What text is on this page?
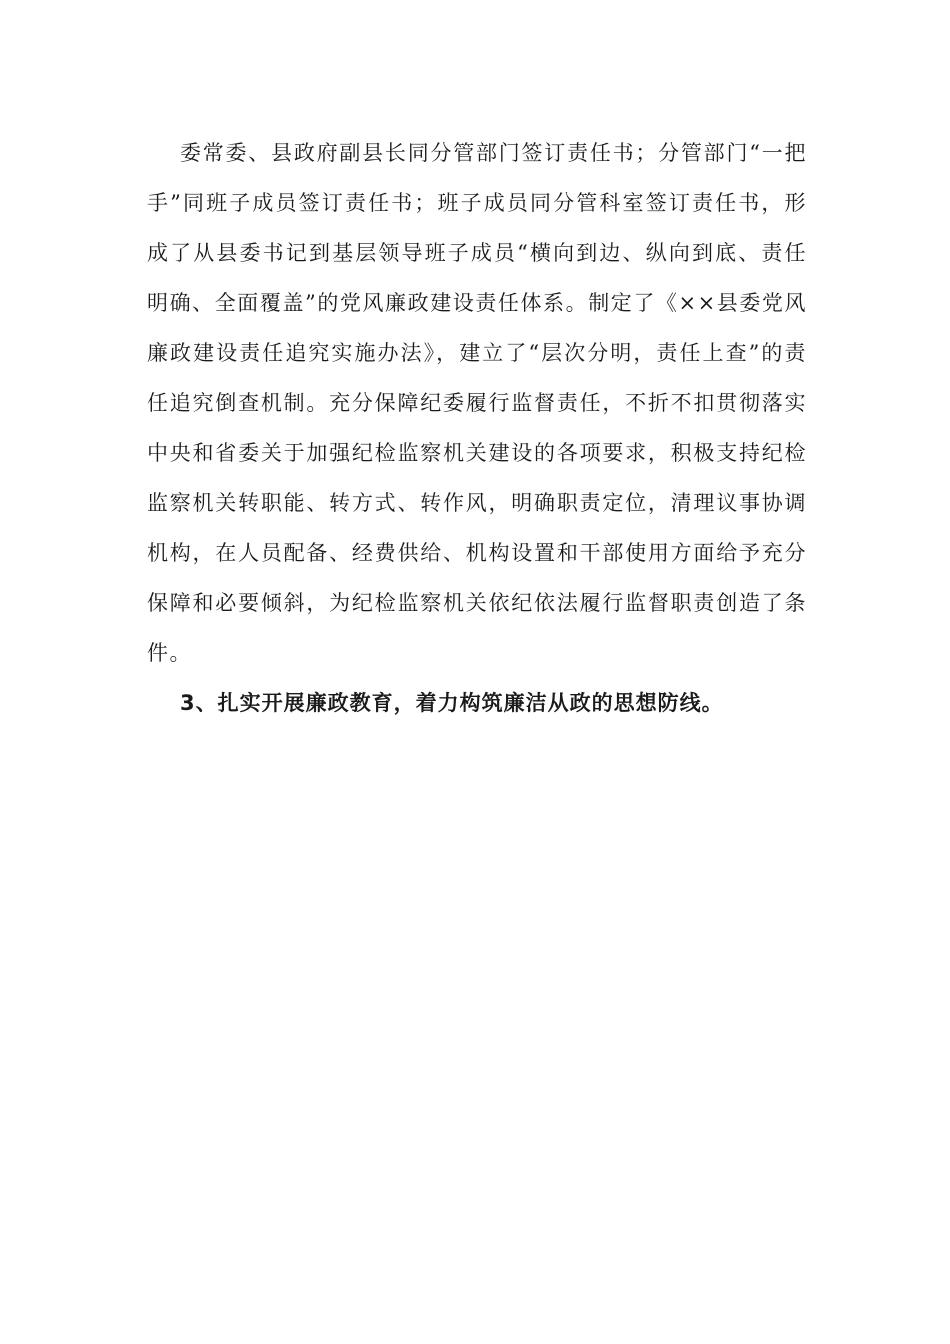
委常委、县政府副县长同分管部门签订责任书；分管部门“一把手”同班子成员签订责任书；班子成员同分管科室签订责任书，形成了从县委书记到基层领导班子成员“横向到边、纵向到底、责任明确、全面覆盖”的党风廉政建设责任体系。制定了《××县委党风廉政建设责任追究实施办法》，建立了“层次分明，责任上查”的责任追究倒查机制。充分保障纪委履行监督责任，不折不扣贯彻落实中央和省委关于加强纪检监察机关建设的各项要求，积极支持纪检监察机关转职能、转方式、转作风，明确职责定位，清理议事协调机构，在人员配备、经费供给、机构设置和干部使用方面给予充分保障和必要倾斜，为纪检监察机关依纪依法履行监督职责创造了条件。

3、扎实开展廉政教育，着力构筑廉洁从政的思想防线。
